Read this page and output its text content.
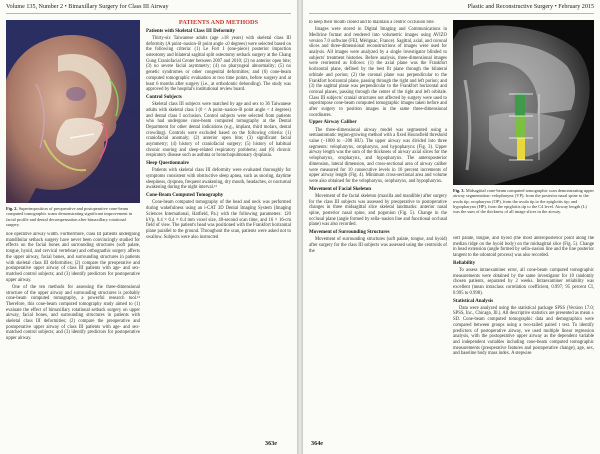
Volume 135, Number 2 • Bimaxillary Surgery for Class III Airway
Fig. 2. Superimposition of preoperative and postoperative cone-beam computed tomographic scans demonstrating significant improvement in facial profile and dental decompensation after bimaxillary rotational surgery.

noe operative airway width. Furthermore, class III patients undergoing mandibular setback surgery have never been convincingly studied for effects on the facial bones and surrounding structures (soft palate, tongue, hyoid, and cervical vertebrae) and orthognathic surgery affects the upper airway, facial bones, and surrounding structures in patients with skeletal class III deformities; (2) compare the preoperative and postoperative upper airway of class III patients with age- and sex-matched control subjects; and (3) identify predictors for postoperative upper airway.

One of the ten methods for assessing the three-dimensional structure of the upper airway and surrounding structures is probably cone-beam computed tomography, a powerful research tool.¹² Therefore, this cone-beam computed tomography study aimed to (1) evaluate the effect of bimaxillary rotational setback surgery on upper airway, facial bones, and surrounding structures in patients with skeletal class III deformities; (2) compare the preoperative and postoperative upper airway of class III patients with age- and sex-matched control subjects; and (3) identify predictors for postoperative upper airway.

PATIENTS AND METHODS
Patients with Skeletal Class III Deformity

Thirty-six Taiwanese adults (age ≥18 years) with skeletal class III deformity (A point–nasion–B point angle ≤0 degrees) were selected based on the following criteria: (1) Le Fort I (one-piece) posterior impaction osteotomy and bilateral sagittal split osteotomy setback surgery at the Chang Gung Craniofacial Center between 2007 and 2010; (2) no anterior open bite; (3) no severe facial asymmetry; (4) no pharyngeal abnormality; (5) no genetic syndromes or other congenital deformities; and (6) cone-beam computed tomographic evaluation at two time points, before surgery and at least 6 months after surgery (i.e., at orthodontic debonding). The study was approved by the hospital's institutional review board.

Control Subjects

Skeletal class III subjects were matched by age and sex to 36 Taiwanese adults with skeletal class I (0 < A point–nasion–B point angle < 4 degrees) and dental class I occlusion. Control subjects were selected from patients who had undergone cone-beam computed tomography at the Dental Department for other dental indications (e.g., implant, third molars, dental crowding). Controls were excluded based on the following criteria: (1) craniofacial anomaly; (2) anterior open bite; (3) significant facial asymmetry; (4) history of craniofacial surgery; (5) history of habitual chronic snoring and sleep-related respiratory problems; and (6) chronic respiratory disease such as asthma or bronchopulmonary dysplasia.

Sleep Questionnaire

Patients with skeletal class III deformity were evaluated thoroughly for symptoms consistent with obstructive sleep apnea, such as snoring, daytime sleepiness, dyspnea, frequent awakening, dry mouth, headaches, or nocturnal awakening during the night interval.¹³

Cone-Beam Computed Tomography

Cone-beam computed tomography of the head and neck was performed during wakefulness using an i-CAT 3D Dental Imaging System (Imaging Sciences International, Hatfield, Pa.) with the following parameters: 120 kVp, 0.4 × 0.4 × 0.4 mm voxel size, 40-second scan time, and 16 × 16-cm field of view. The patient's head was positioned with the Frankfort horizontal plane parallel to the ground. Throughout the scan, patients were asked not to swallow. Subjects were also instructed

363e
Plastic and Reconstructive Surgery • February 2015

to keep their mouth closed and to maintain a centric occlusion bite.

Images were stored in Digital Imaging and Communications in Medicine format and rendered into volumetric images using AVIZO version 7.0 software (FEI, Mérignac, France). Sagittal, axial, and coronal slices and three-dimensional reconstructions of images were used for analysis. All images were analyzed by a single investigator blinded to subjects' treatment histories. Before analysis, three-dimensional images were reoriented as follows: (1) the axial plane was the Frankfort horizontal plane, defined by the best fit plane through the bilateral orbitale and porion; (2) the coronal plane was perpendicular to the Frankfort horizontal plane, passing through the right and left porion; and (3) the sagittal plane was perpendicular to the Frankfort horizontal and coronal planes, passing through the center of the right and left orbitale. Class III subjects' cranial structures not affected by surgery were used to superimpose cone-beam computed tomographic images taken before and after surgery to position images in the same three-dimensional coordinates.

Upper Airway Caliber

The three-dimensional airway model was segmented using a semiautomatic region-growing method with a fixed Hounsfield threshold value (−1000 to −200 HU). The upper airway was divided into three segments: velopharynx, oropharynx, and hypopharynx (Fig. 3). Upper airway length was the sum of the thickness of airway axial slices for the velopharynx, oropharynx, and hypopharynx. The anteroposterior dimension, lateral dimension, and cross-sectional area of airway caliber were measured for 10 consecutive levels in 10 percent increments of upper airway length (Fig. 4). Minimum cross-sectional area and volume were also obtained for the velopharynx, oropharynx, and hypopharynx.

Movement of Facial Skeleton

Movement of the facial skeleton (maxilla and mandible) after surgery for the class III subjects was assessed by preoperative to postoperative changes in three midsagittal slice skeletal landmarks: anterior nasal spine, posterior nasal spine, and pogonion (Fig. 5). Change in the occlusal plane (angle formed by sella–nasion line and functional occlusal plane) was also recorded.

Movement of Surrounding Structures

Movement of surrounding structures (soft palate, tongue, and hyoid) after surgery for the class III subjects was assessed using the centroids of the

Fig. 3. Midsagittal cone-beam computed tomographic scan demonstrating upper airway segmentation: velopharynx (VP), from the posterior nasal spine to the uvula tip; oropharynx (OP), from the uvula tip to the epiglottis tip; and hypopharynx (HP), from the epiglottis tip to the C4 level. Airway length (L) was the sum of the thickness of all image slices in the airway.

soft palate, tongue, and hyoid (the most anteroposterior point along the median ridge on the hyoid body) on the midsagittal slice (Fig. 5). Change in head extension (angle formed by sella–nasion line and the line posterior tangent to the odontoid process) was also recorded.

Reliability

To assess intraexaminer error, all cone-beam computed tomographic measurements were obtained by the same investigator for 10 randomly chosen patients, separated by 2 weeks. Intraexaminer reliability was excellent (mean intraclass correlation coefficient, 0.997; 95 percent CI, 0.995 to 0.998).

Statistical Analysis

Data were analyzed using the statistical package SPSS (Version 17.0; SPSS, Inc., Chicago, Ill.). All descriptive statistics are presented as mean ± SD. Cone-beam computed tomographic data and demographics were compared between groups using a two-tailed paired t test. To identify predictors of postoperative airway, we used multiple linear regression analysis, with the postoperative upper airway as the dependent variable and independent variables including cone-beam computed tomographic measurements (preoperative features and postoperative change), age, sex, and baseline body mass index. A stepwise

364e
